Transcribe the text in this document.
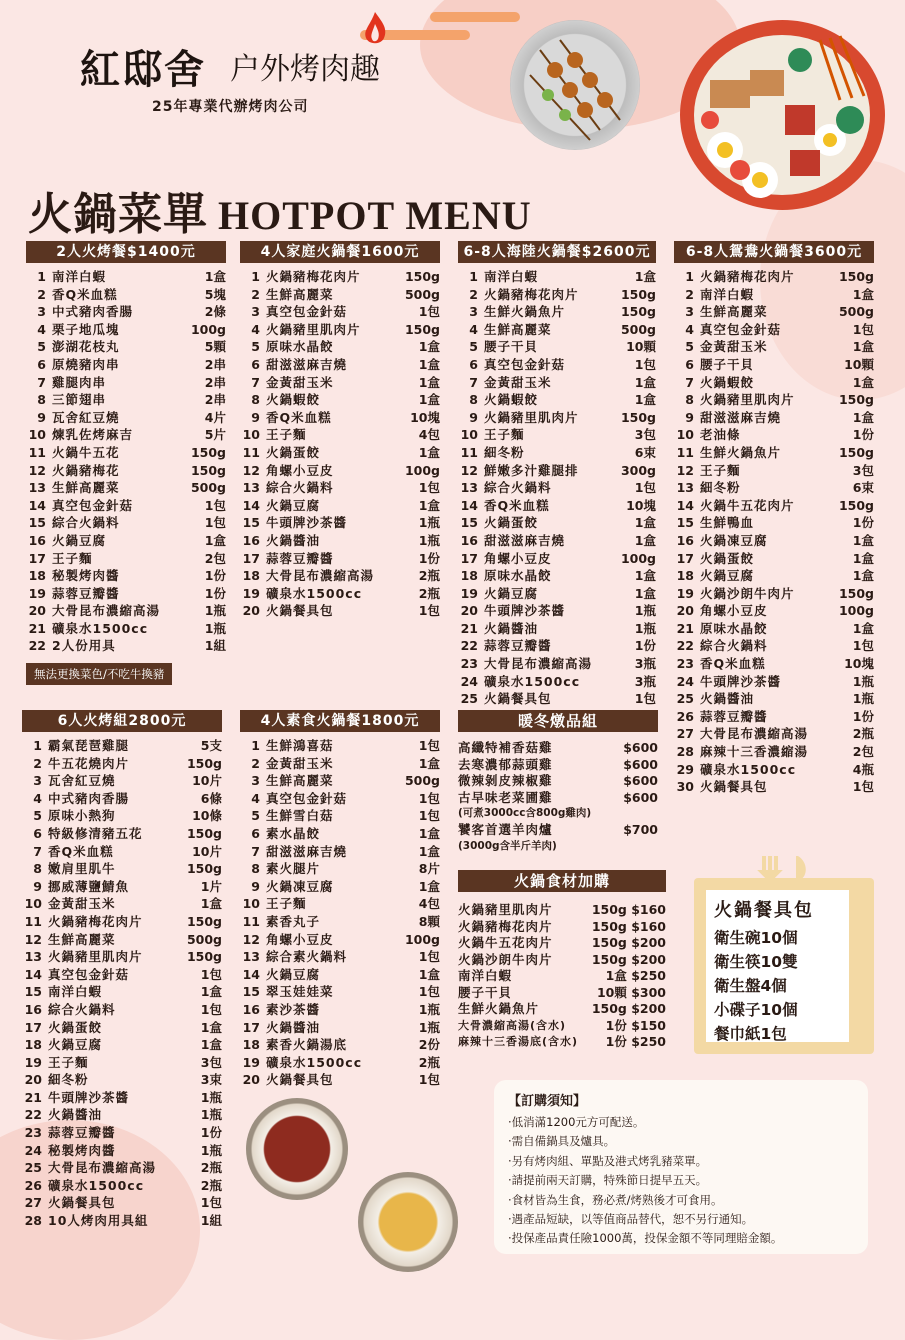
紅邸舍 户外烤肉趣
25年專業代辦烤肉公司
火鍋菜單 HOTPOT MENU
2人火烤餐$1400元
1 南洋白蝦	1盒
2 香Q米血糕	5塊
3 中式豬肉香腸	2條
4 栗子地瓜塊	100g
5 澎湖花枝丸	5顆
6 原燒豬肉串	2串
7 雞腿肉串	2串
8 三節翅串	2串
9 瓦舍紅豆燒	4片
10 煉乳佐烤麻吉	5片
11 火鍋牛五花	150g
12 火鍋豬梅花	150g
13 生鮮高麗菜	500g
14 真空包金針菇	1包
15 綜合火鍋料	1包
16 火鍋豆腐	1盒
17 王子麵	2包
18 秘製烤肉醬	1份
19 蒜蓉豆瓣醬	1份
20 大骨昆布濃縮高湯	1瓶
21 礦泉水1500cc	1瓶
22 2人份用具	1組
無法更換菜色/不吃牛換豬
4人家庭火鍋餐1600元
1 火鍋豬梅花肉片	150g
2 生鮮高麗菜	500g
3 真空包金針菇	1包
4 火鍋豬里肌肉片	150g
5 原味水晶餃	1盒
6 甜滋滋麻吉燒	1盒
7 金黃甜玉米	1盒
8 火鍋蝦餃	1盒
9 香Q米血糕	10塊
10 王子麵	4包
11 火鍋蛋餃	1盒
12 角螺小豆皮	100g
13 綜合火鍋料	1包
14 火鍋豆腐	1盒
15 牛頭牌沙茶醬	1瓶
16 火鍋醬油	1瓶
17 蒜蓉豆瓣醬	1份
18 大骨昆布濃縮高湯	2瓶
19 礦泉水1500cc	2瓶
20 火鍋餐具包	1包
6-8人海陸火鍋餐$2600元
1 南洋白蝦	1盒
2 火鍋豬梅花肉片	150g
3 生鮮火鍋魚片	150g
4 生鮮高麗菜	500g
5 腰子干貝	10顆
6 真空包金針菇	1包
7 金黃甜玉米	1盒
8 火鍋蝦餃	1盒
9 火鍋豬里肌肉片	150g
10 王子麵	3包
11 細冬粉	6束
12 鮮嫩多汁雞腿排	300g
13 綜合火鍋料	1包
14 香Q米血糕	10塊
15 火鍋蛋餃	1盒
16 甜滋滋麻吉燒	1盒
17 角螺小豆皮	100g
18 原味水晶餃	1盒
19 火鍋豆腐	1盒
20 牛頭牌沙茶醬	1瓶
21 火鍋醬油	1瓶
22 蒜蓉豆瓣醬	1份
23 大骨昆布濃縮高湯	3瓶
24 礦泉水1500cc	3瓶
25 火鍋餐具包	1包
6-8人鴛鴦火鍋餐3600元
1 火鍋豬梅花肉片	150g
2 南洋白蝦	1盒
3 生鮮高麗菜	500g
4 真空包金針菇	1包
5 金黃甜玉米	1盒
6 腰子干貝	10顆
7 火鍋蝦餃	1盒
8 火鍋豬里肌肉片	150g
9 甜滋滋麻吉燒	1盒
10 老油條	1份
11 生鮮火鍋魚片	150g
12 王子麵	3包
13 細冬粉	6束
14 火鍋牛五花肉片	150g
15 生鮮鴨血	1份
16 火鍋凍豆腐	1盒
17 火鍋蛋餃	1盒
18 火鍋豆腐	1盒
19 火鍋沙朗牛肉片	150g
20 角螺小豆皮	100g
21 原味水晶餃	1盒
22 綜合火鍋料	1包
23 香Q米血糕	10塊
24 牛頭牌沙茶醬	1瓶
25 火鍋醬油	1瓶
26 蒜蓉豆瓣醬	1份
27 大骨昆布濃縮高湯	2瓶
28 麻辣十三香濃縮湯	2包
29 礦泉水1500cc	4瓶
30 火鍋餐具包	1包
6人火烤組2800元
1 霸氣琵琶雞腿	5支
2 牛五花燒肉片	150g
3 瓦舍紅豆燒	10片
4 中式豬肉香腸	6條
5 原味小熱狗	10條
6 特級修清豬五花	150g
7 香Q米血糕	10片
8 嫩肩里肌牛	150g
9 挪威薄鹽鯖魚	1片
10 金黃甜玉米	1盒
11 火鍋豬梅花肉片	150g
12 生鮮高麗菜	500g
13 火鍋豬里肌肉片	150g
14 真空包金針菇	1包
15 南洋白蝦	1盒
16 綜合火鍋料	1包
17 火鍋蛋餃	1盒
18 火鍋豆腐	1盒
19 王子麵	3包
20 細冬粉	3束
21 牛頭牌沙茶醬	1瓶
22 火鍋醬油	1瓶
23 蒜蓉豆瓣醬	1份
24 秘製烤肉醬	1瓶
25 大骨昆布濃縮高湯	2瓶
26 礦泉水1500cc	2瓶
27 火鍋餐具包	1包
28 10人烤肉用具組	1組
4人素食火鍋餐1800元
1 生鮮鴻喜菇	1包
2 金黃甜玉米	1盒
3 生鮮高麗菜	500g
4 真空包金針菇	1包
5 生鮮雪白菇	1包
6 素水晶餃	1盒
7 甜滋滋麻吉燒	1盒
8 素火腿片	8片
9 火鍋凍豆腐	1盒
10 王子麵	4包
11 素香丸子	8顆
12 角螺小豆皮	100g
13 綜合素火鍋料	1包
14 火鍋豆腐	1盒
15 翠玉娃娃菜	1包
16 素沙茶醬	1瓶
17 火鍋醬油	1瓶
18 素香火鍋湯底	2份
19 礦泉水1500cc	2瓶
20 火鍋餐具包	1包
暖冬燉品組
高纖特補香菇雞	$600
去寒濃郁蒜頭雞	$600
微辣剝皮辣椒雞	$600
古早味老菜圃雞	$600
(可煮3000cc含800g雞肉)
饕客首選羊肉爐	$700
(3000g含半斤羊肉)
火鍋食材加購
火鍋豬里肌肉片	150g $160
火鍋豬梅花肉片	150g $160
火鍋牛五花肉片	150g $200
火鍋沙朗牛肉片	150g $200
南洋白蝦	1盒 $250
腰子干貝	10顆 $300
生鮮火鍋魚片	150g $200
大骨濃縮高湯(含水)	1份 $150
麻辣十三香湯底(含水)	1份 $250
火鍋餐具包
衛生碗10個
衛生筷10雙
衛生盤4個
小碟子10個
餐巾紙1包
【訂購須知】
·低消滿1200元方可配送。
·需自備鍋具及爐具。
·另有烤肉組、單點及港式烤乳豬菜單。
·請提前兩天訂購，特殊節日提早五天。
·食材皆為生食，務必煮/烤熟後才可食用。
·遇產品短缺，以等值商品替代，恕不另行通知。
·投保產品責任險1000萬，投保金額不等同理賠金額。
